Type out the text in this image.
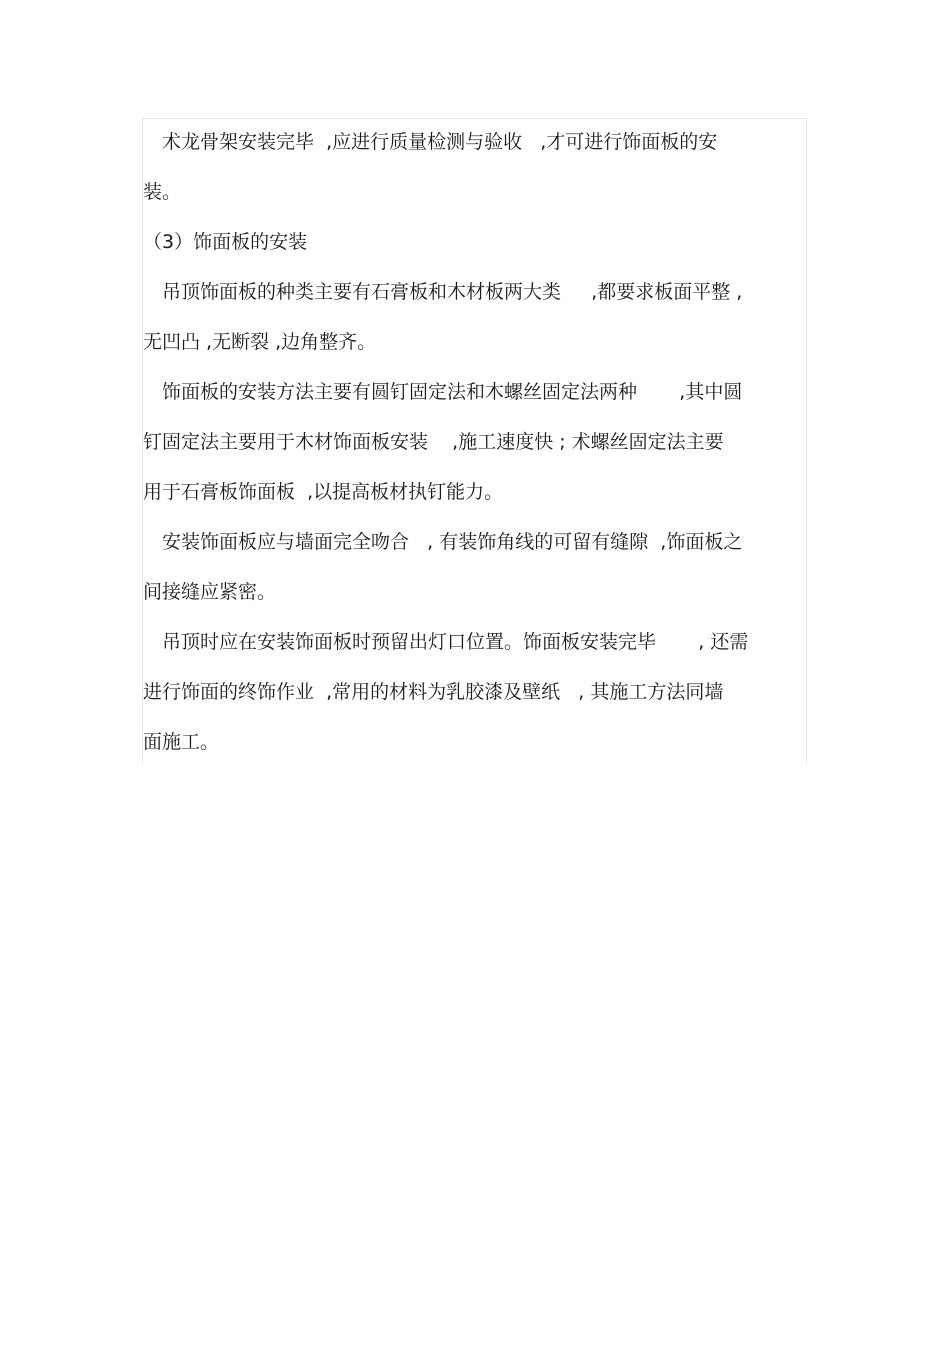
术龙骨架安装完毕  ,应进行质量检测与验收   ,才可进行饰面板的安
装。
（3）饰面板的安装
吊顶饰面板的种类主要有石膏板和木材板两大类     ,都要求板面平整 ,
无凹凸 ,无断裂 ,边角整齐。
饰面板的安装方法主要有圆钉固定法和木螺丝固定法两种       ,其中圆
钉固定法主要用于木材饰面板安装    ,施工速度快 ; 术螺丝固定法主要
用于石膏板饰面板  ,以提高板材执钉能力。
安装饰面板应与墙面完全吻合   , 有装饰角线的可留有缝隙  ,饰面板之
间接缝应紧密。
吊顶时应在安装饰面板时预留出灯口位置。饰面板安装完毕       , 还需
进行饰面的终饰作业  ,常用的材料为乳胶漆及壁纸   , 其施工方法同墙
面施工。
